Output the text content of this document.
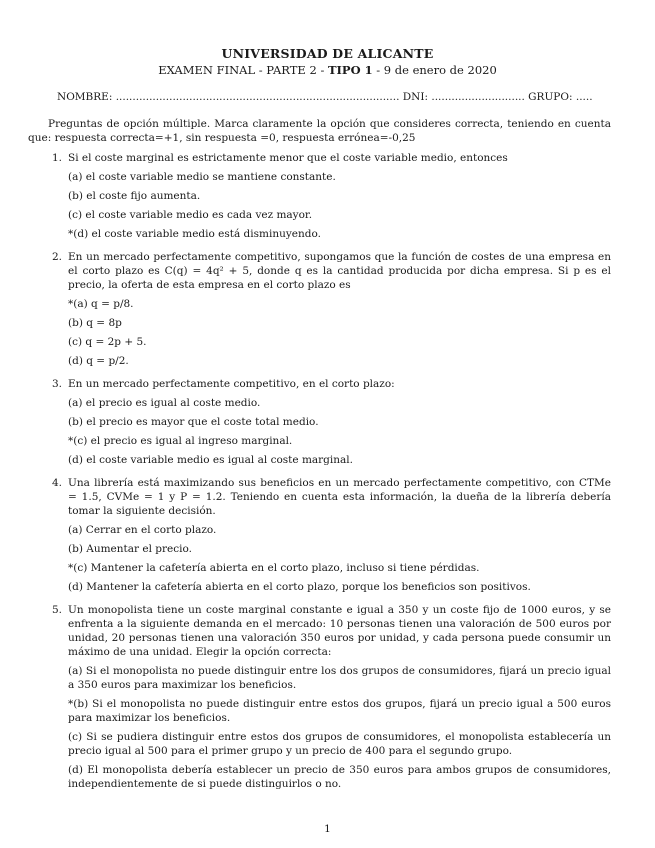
UNIVERSIDAD DE ALICANTE
EXAMEN FINAL - PARTE 2 - TIPO 1 - 9 de enero de 2020
NOMBRE: ..................................................................................... DNI: ............................ GRUPO: .....
Preguntas de opción múltiple. Marca claramente la opción que consideres correcta, teniendo en cuenta que: respuesta correcta=+1, sin respuesta =0, respuesta errónea=-0,25
1. Si el coste marginal es estrictamente menor que el coste variable medio, entonces
(a) el coste variable medio se mantiene constante.
(b) el coste fijo aumenta.
(c) el coste variable medio es cada vez mayor.
*(d) el coste variable medio está disminuyendo.
2. En un mercado perfectamente competitivo, supongamos que la función de costes de una empresa en el corto plazo es C(q) = 4q² + 5, donde q es la cantidad producida por dicha empresa. Si p es el precio, la oferta de esta empresa en el corto plazo es
*(a) q = p/8.
(b) q = 8p
(c) q = 2p + 5.
(d) q = p/2.
3. En un mercado perfectamente competitivo, en el corto plazo:
(a) el precio es igual al coste medio.
(b) el precio es mayor que el coste total medio.
*(c) el precio es igual al ingreso marginal.
(d) el coste variable medio es igual al coste marginal.
4. Una librería está maximizando sus beneficios en un mercado perfectamente competitivo, con CTMe = 1.5, CVMe = 1 y P = 1.2. Teniendo en cuenta esta información, la dueña de la librería debería tomar la siguiente decisión.
(a) Cerrar en el corto plazo.
(b) Aumentar el precio.
*(c) Mantener la cafetería abierta en el corto plazo, incluso si tiene pérdidas.
(d) Mantener la cafetería abierta en el corto plazo, porque los beneficios son positivos.
5. Un monopolista tiene un coste marginal constante e igual a 350 y un coste fijo de 1000 euros, y se enfrenta a la siguiente demanda en el mercado: 10 personas tienen una valoración de 500 euros por unidad, 20 personas tienen una valoración 350 euros por unidad, y cada persona puede consumir un máximo de una unidad. Elegir la opción correcta:
(a) Si el monopolista no puede distinguir entre los dos grupos de consumidores, fijará un precio igual a 350 euros para maximizar los beneficios.
*(b) Si el monopolista no puede distinguir entre estos dos grupos, fijará un precio igual a 500 euros para maximizar los beneficios.
(c) Si se pudiera distinguir entre estos dos grupos de consumidores, el monopolista establecería un precio igual al 500 para el primer grupo y un precio de 400 para el segundo grupo.
(d) El monopolista debería establecer un precio de 350 euros para ambos grupos de consumidores, independientemente de si puede distinguirlos o no.
1
